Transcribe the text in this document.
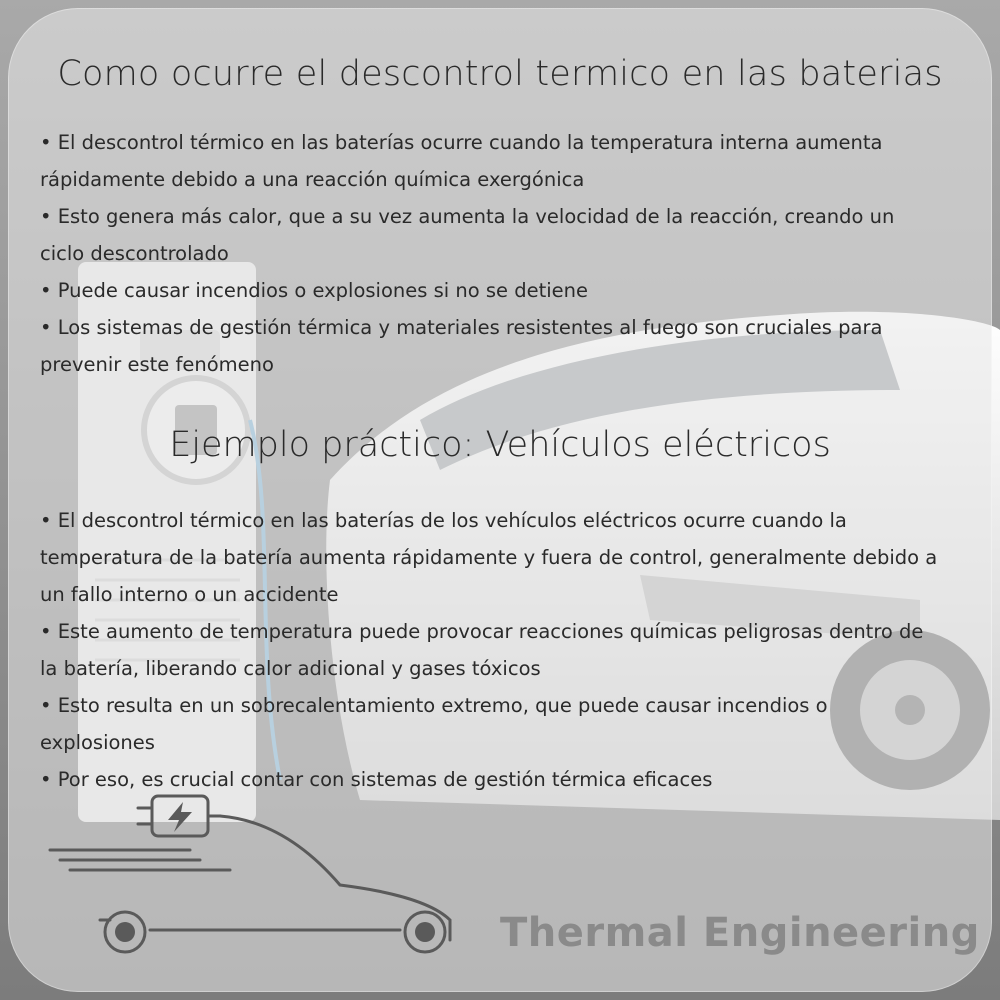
Como ocurre el descontrol termico en las baterias
• El descontrol térmico en las baterías ocurre cuando la temperatura interna aumenta rápidamente debido a una reacción química exergónica
• Esto genera más calor, que a su vez aumenta la velocidad de la reacción, creando un ciclo descontrolado
• Puede causar incendios o explosiones si no se detiene
• Los sistemas de gestión térmica y materiales resistentes al fuego son cruciales para prevenir este fenómeno
Ejemplo práctico: Vehículos eléctricos
• El descontrol térmico en las baterías de los vehículos eléctricos ocurre cuando la temperatura de la batería aumenta rápidamente y fuera de control, generalmente debido a un fallo interno o un accidente
• Este aumento de temperatura puede provocar reacciones químicas peligrosas dentro de la batería, liberando calor adicional y gases tóxicos
• Esto resulta en un sobrecalentamiento extremo, que puede causar incendios o explosiones
• Por eso, es crucial contar con sistemas de gestión térmica eficaces
Thermal Engineering
